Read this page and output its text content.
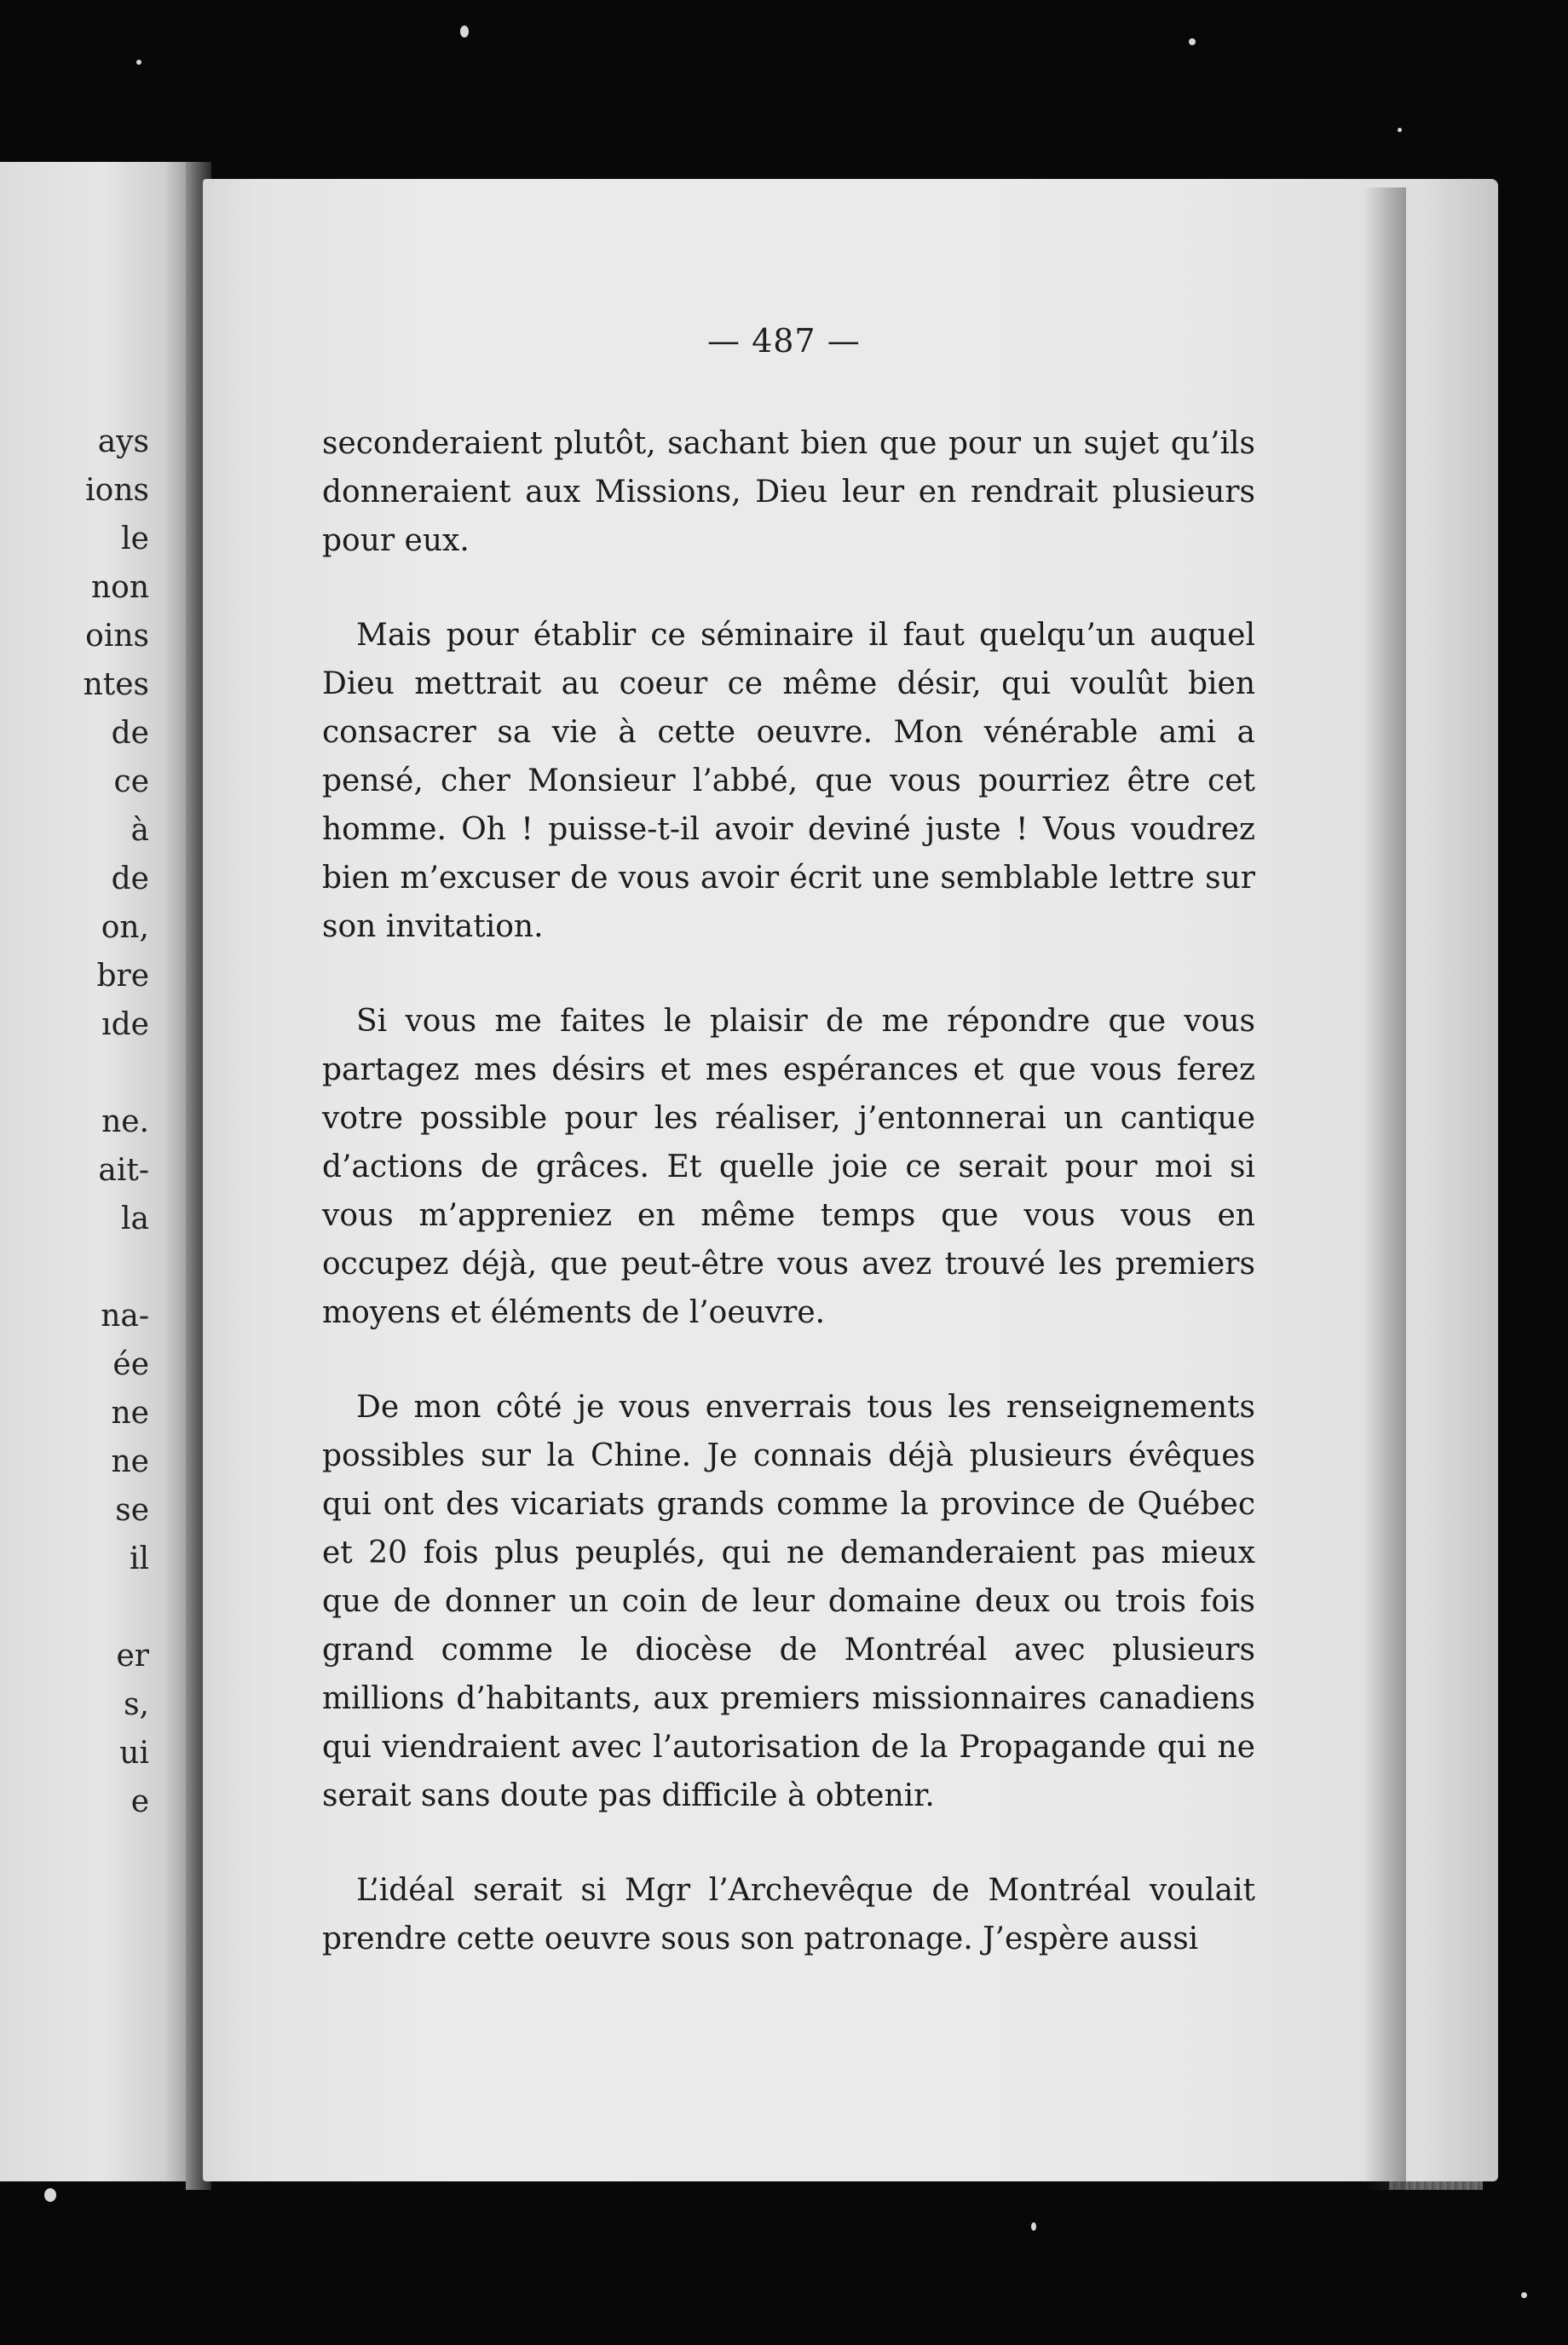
ays
ions
le
non
oins
ntes
de
ce
à
de
on,
bre
ıde
ne.
ait-
la
na-
ée
ne
ne
se
il
er
s,
ui
e
— 487 —

seconderaient plutôt, sachant bien que pour un sujet qu’ils donneraient aux Missions, Dieu leur en rendrait plusieurs pour eux.

Mais pour établir ce séminaire il faut quelqu’un auquel Dieu mettrait au coeur ce même désir, qui voulût bien consacrer sa vie à cette oeuvre. Mon vénérable ami a pensé, cher Monsieur l’abbé, que vous pourriez être cet homme. Oh ! puisse-t-il avoir deviné juste ! Vous voudrez bien m’excuser de vous avoir écrit une semblable lettre sur son invitation.

Si vous me faites le plaisir de me répondre que vous partagez mes désirs et mes espérances et que vous ferez votre possible pour les réaliser, j’entonnerai un cantique d’actions de grâces. Et quelle joie ce serait pour moi si vous m’appreniez en même temps que vous vous en occupez déjà, que peut-être vous avez trouvé les premiers moyens et éléments de l’oeuvre.

De mon côté je vous enverrais tous les renseignements possibles sur la Chine. Je connais déjà plusieurs évêques qui ont des vicariats grands comme la province de Québec et 20 fois plus peuplés, qui ne demanderaient pas mieux que de donner un coin de leur domaine deux ou trois fois grand comme le diocèse de Montréal avec plusieurs millions d’habitants, aux premiers missionnaires canadiens qui viendraient avec l’autorisation de la Propagande qui ne serait sans doute pas difficile à obtenir.

L’idéal serait si Mgr l’Archevêque de Montréal voulait prendre cette oeuvre sous son patronage. J’espère aussi
